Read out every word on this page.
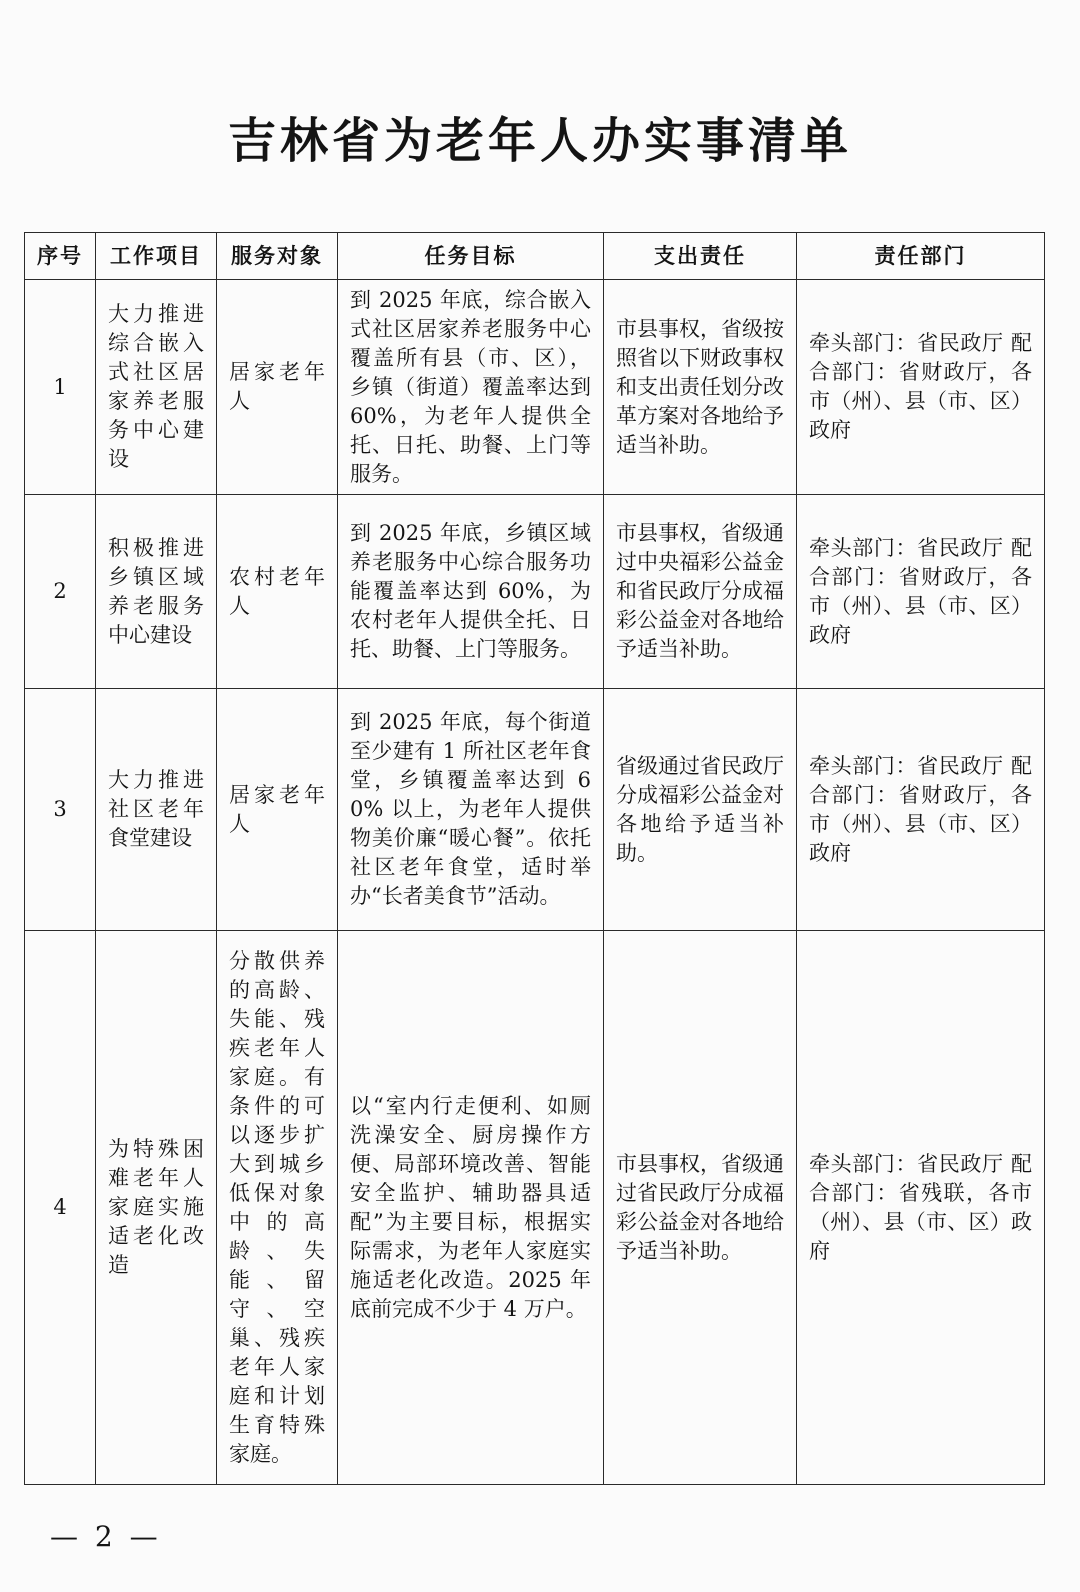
吉林省为老年人办实事清单
序号	工作项目	服务对象	任务目标	支出责任	责任部门
1	大力推进综合嵌入式社区居家养老服务中心建设	居家老年人	到 2025 年底，综合嵌入式社区居家养老服务中心覆盖所有县（市、区），乡镇（街道）覆盖率达到 60%，为老年人提供全托、日托、助餐、上门等服务。	市县事权，省级按照省以下财政事权和支出责任划分改革方案对各地给予适当补助。	牵头部门：省民政厅 配合部门：省财政厅，各市（州）、县（市、区）政府

2	积极推进乡镇区域养老服务中心建设	农村老年人	到 2025 年底，乡镇区域养老服务中心综合服务功能覆盖率达到 60%，为农村老年人提供全托、日托、助餐、上门等服务。	市县事权，省级通过中央福彩公益金和省民政厅分成福彩公益金对各地给予适当补助。	牵头部门：省民政厅 配合部门：省财政厅，各市（州）、县（市、区）政府

3	大力推进社区老年食堂建设	居家老年人	到 2025 年底，每个街道至少建有 1 所社区老年食堂，乡镇覆盖率达到 60% 以上，为老年人提供物美价廉“暖心餐”。依托社区老年食堂，适时举办“长者美食节”活动。	省级通过省民政厅分成福彩公益金对各地给予适当补助。	牵头部门：省民政厅 配合部门：省财政厅，各市（州）、县（市、区）政府

4	为特殊困难老年人家庭实施适老化改造	分散供养的高龄、失能、残疾老年人家庭。有条件的可以逐步扩大到城乡低保对象中的高龄、失能、留守、空巢、残疾老年人家庭和计划生育特殊家庭。	以“室内行走便利、如厕洗澡安全、厨房操作方便、局部环境改善、智能安全监护、辅助器具适配”为主要目标，根据实际需求，为老年人家庭实施适老化改造。2025 年底前完成不少于 4 万户。	市县事权，省级通过省民政厅分成福彩公益金对各地给予适当补助。	牵头部门：省民政厅 配合部门：省残联，各市（州）、县（市、区）政府
— 2 —
